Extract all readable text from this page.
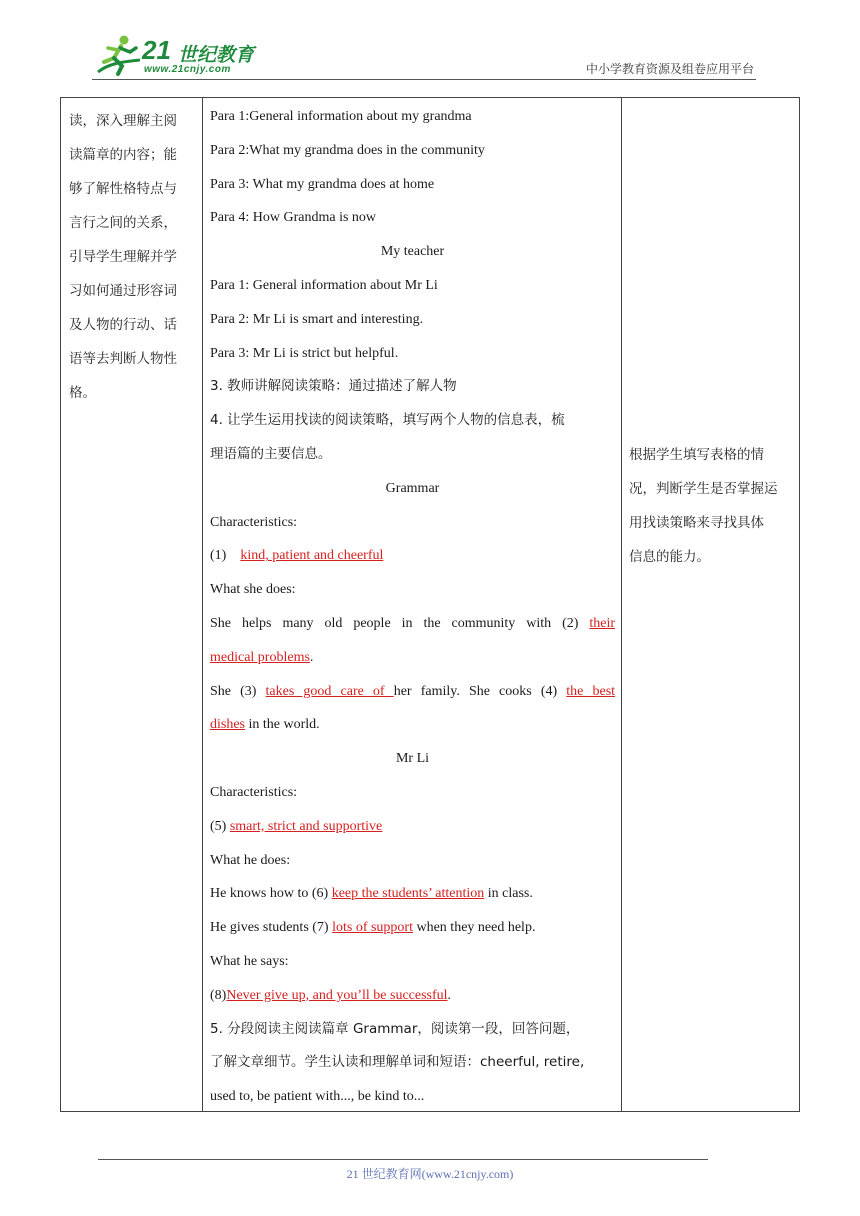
21 世纪教育
www.21cnjy.com	中小学教育资源及组卷应用平台
读，深入理解主阅
读篇章的内容；能
够了解性格特点与
言行之间的关系，
引导学生理解并学
习如何通过形容词
及人物的行动、话
语等去判断人物性
格。
Para 1:General information about my grandma
Para 2:What my grandma does in the community
Para 3: What my grandma does at home
Para 4: How Grandma is now
My teacher
Para 1: General information about Mr Li
Para 2: Mr Li is smart and interesting.
Para 3: Mr Li is strict but helpful.
3. 教师讲解阅读策略：通过描述了解人物
4. 让学生运用找读的阅读策略，填写两个人物的信息表，梳
理语篇的主要信息。
Grammar
Characteristics:
(1) kind, patient and cheerful
What she does:
She helps many old people in the community with (2) their
medical problems.
She (3) takes good care of her family. She cooks (4) the best
dishes in the world.
Mr Li
Characteristics:
(5) smart, strict and supportive
What he does:
He knows how to (6) keep the students’ attention in class.
He gives students (7) lots of support when they need help.
What he says:
(8)Never give up, and you’ll be successful.
5. 分段阅读主阅读篇章 Grammar，阅读第一段，回答问题，
了解文章细节。学生认读和理解单词和短语：cheerful, retire,
used to, be patient with..., be kind to...
根据学生填写表格的情
况，判断学生是否掌握运
用找读策略来寻找具体
信息的能力。
21 世纪教育网(www.21cnjy.com)
